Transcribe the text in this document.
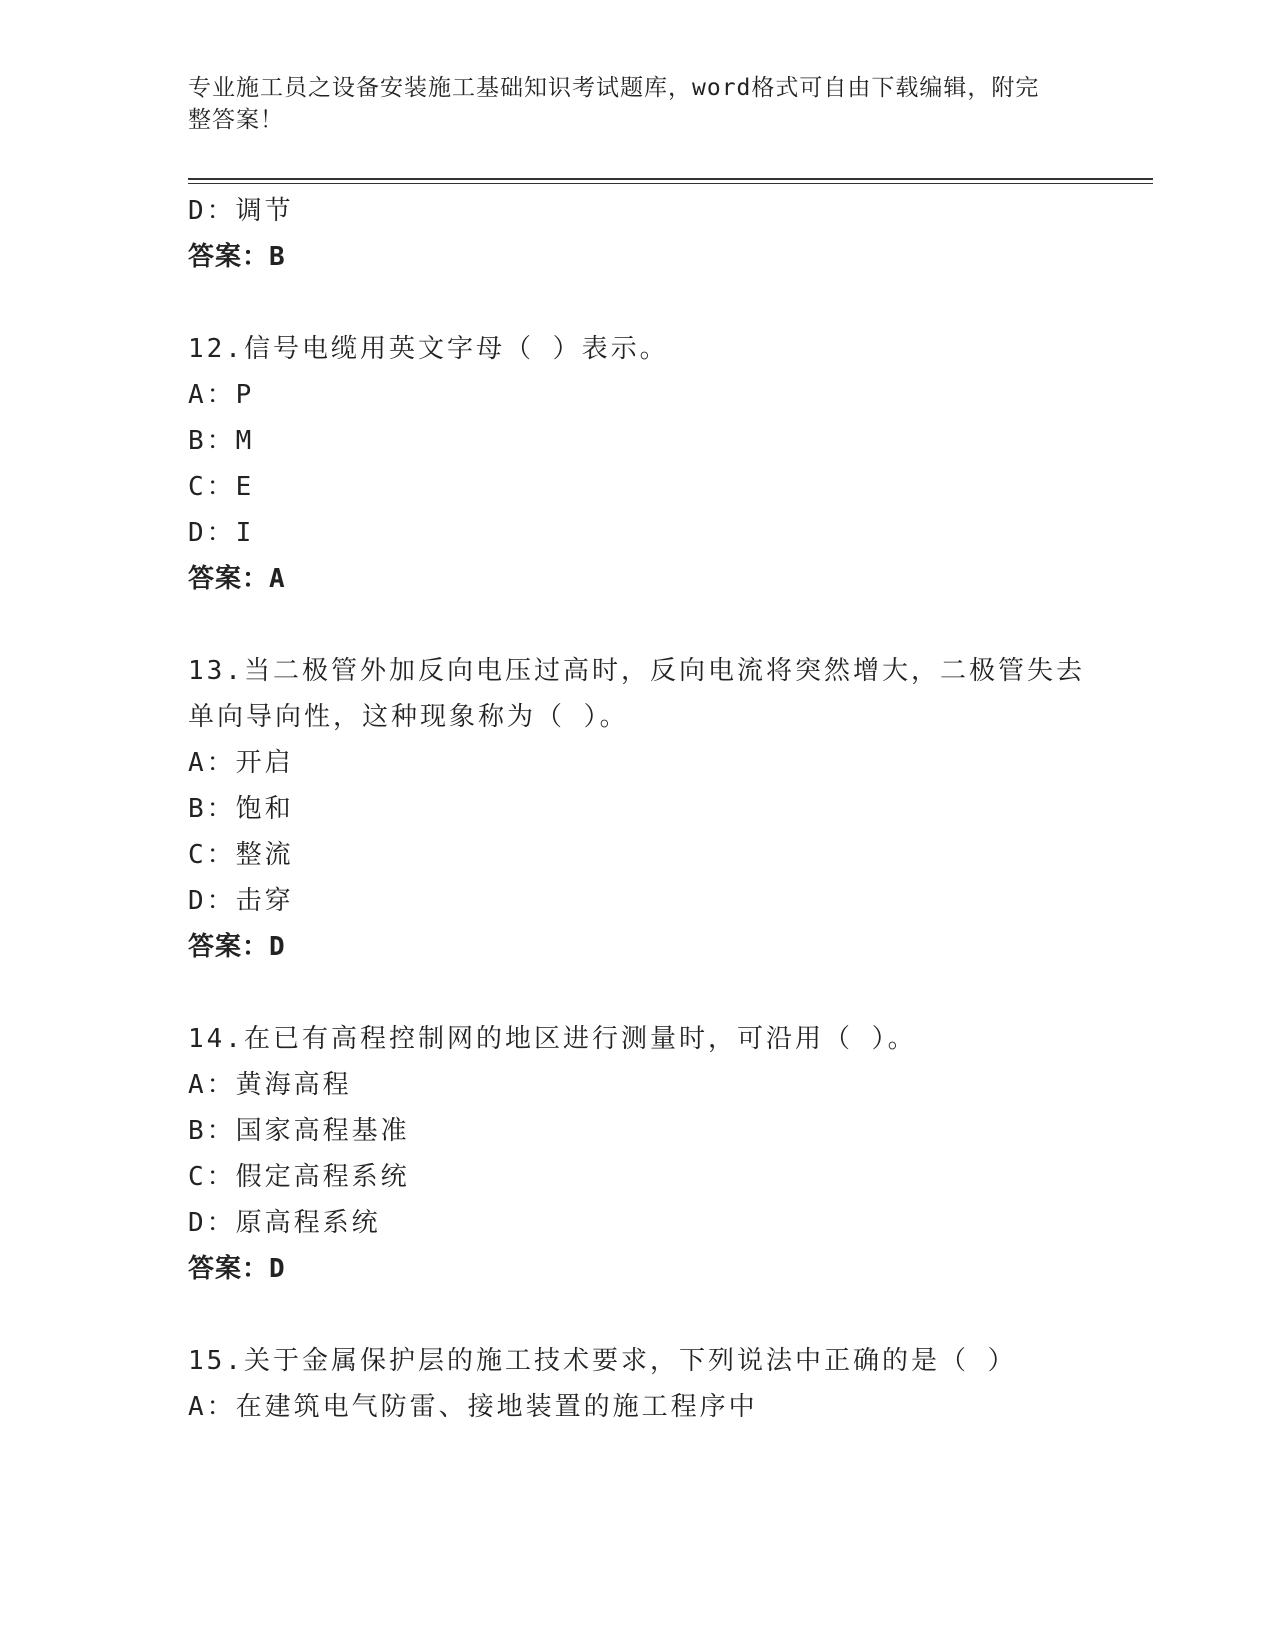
专业施工员之设备安装施工基础知识考试题库，word格式可自由下载编辑，附完
整答案！
D：调节
答案：B
12.信号电缆用英文字母（ ）表示。
A：P
B：M
C：E
D：I
答案：A
13.当二极管外加反向电压过高时，反向电流将突然增大，二极管失去
单向导向性，这种现象称为（ ）。
A：开启
B：饱和
C：整流
D：击穿
答案：D
14.在已有高程控制网的地区进行测量时，可沿用（ ）。
A：黄海高程
B：国家高程基准
C：假定高程系统
D：原高程系统
答案：D
15.关于金属保护层的施工技术要求，下列说法中正确的是（ ）
A：在建筑电气防雷、接地装置的施工程序中
